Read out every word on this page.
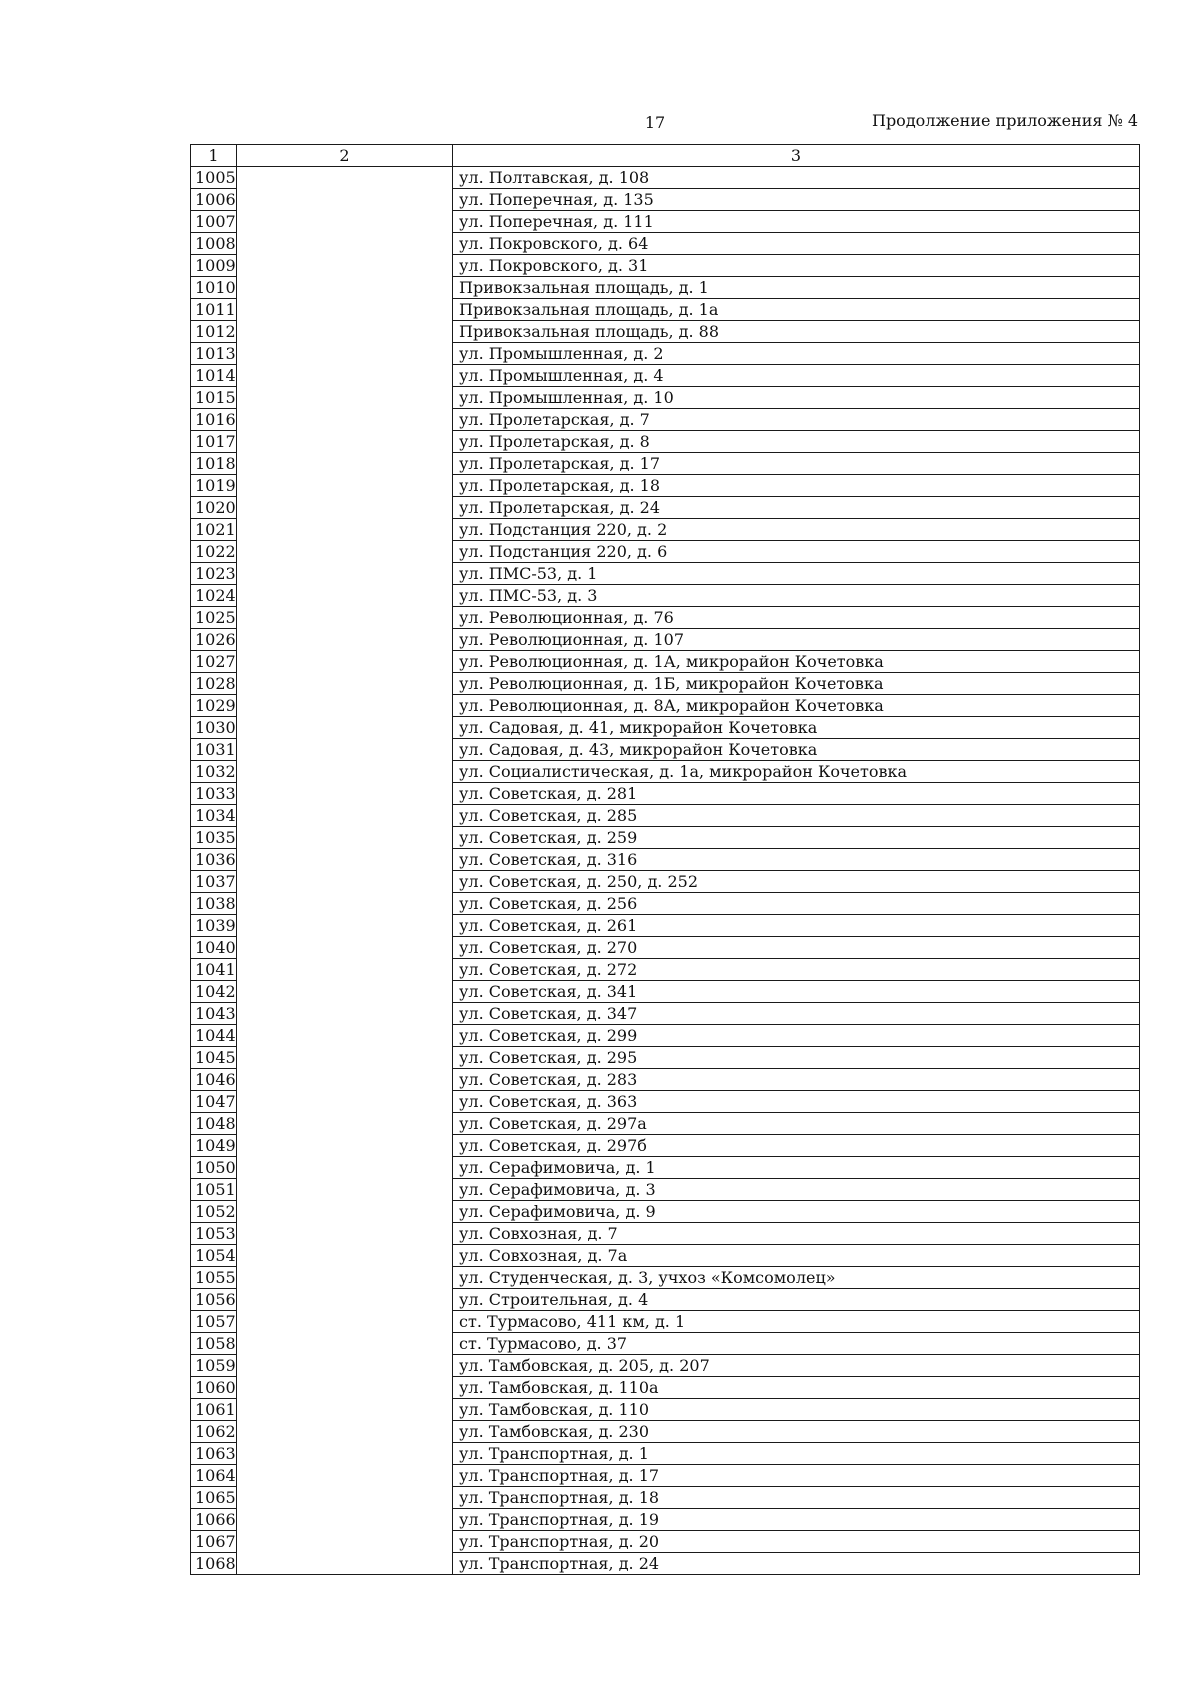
17	Продолжение приложения № 4
1	2	3
1005		ул. Полтавская, д. 108
1006		ул. Поперечная, д. 135
1007		ул. Поперечная, д. 111
1008		ул. Покровского, д. 64
1009		ул. Покровского, д. 31
1010		Привокзальная площадь, д. 1
1011		Привокзальная площадь, д. 1а
1012		Привокзальная площадь, д. 88
1013		ул. Промышленная, д. 2
1014		ул. Промышленная, д. 4
1015		ул. Промышленная, д. 10
1016		ул. Пролетарская, д. 7
1017		ул. Пролетарская, д. 8
1018		ул. Пролетарская, д. 17
1019		ул. Пролетарская, д. 18
1020		ул. Пролетарская, д. 24
1021		ул. Подстанция 220, д. 2
1022		ул. Подстанция 220, д. 6
1023		ул. ПМС-53, д. 1
1024		ул. ПМС-53, д. 3
1025		ул. Революционная, д. 76
1026		ул. Революционная, д. 107
1027		ул. Революционная, д. 1А, микрорайон Кочетовка
1028		ул. Революционная, д. 1Б, микрорайон Кочетовка
1029		ул. Революционная, д. 8А, микрорайон Кочетовка
1030		ул. Садовая, д. 41, микрорайон Кочетовка
1031		ул. Садовая, д. 43, микрорайон Кочетовка
1032		ул. Социалистическая, д. 1а, микрорайон Кочетовка
1033		ул. Советская, д. 281
1034		ул. Советская, д. 285
1035		ул. Советская, д. 259
1036		ул. Советская, д. 316
1037		ул. Советская, д. 250, д. 252
1038		ул. Советская, д. 256
1039		ул. Советская, д. 261
1040		ул. Советская, д. 270
1041		ул. Советская, д. 272
1042		ул. Советская, д. 341
1043		ул. Советская, д. 347
1044		ул. Советская, д. 299
1045		ул. Советская, д. 295
1046		ул. Советская, д. 283
1047		ул. Советская, д. 363
1048		ул. Советская, д. 297а
1049		ул. Советская, д. 297б
1050		ул. Серафимовича, д. 1
1051		ул. Серафимовича, д. 3
1052		ул. Серафимовича, д. 9
1053		ул. Совхозная, д. 7
1054		ул. Совхозная, д. 7а
1055		ул. Студенческая, д. 3, учхоз «Комсомолец»
1056		ул. Строительная, д. 4
1057		ст. Турмасово, 411 км, д. 1
1058		ст. Турмасово, д. 37
1059		ул. Тамбовская, д. 205, д. 207
1060		ул. Тамбовская, д. 110а
1061		ул. Тамбовская, д. 110
1062		ул. Тамбовская, д. 230
1063		ул. Транспортная, д. 1
1064		ул. Транспортная, д. 17
1065		ул. Транспортная, д. 18
1066		ул. Транспортная, д. 19
1067		ул. Транспортная, д. 20
1068		ул. Транспортная, д. 24
